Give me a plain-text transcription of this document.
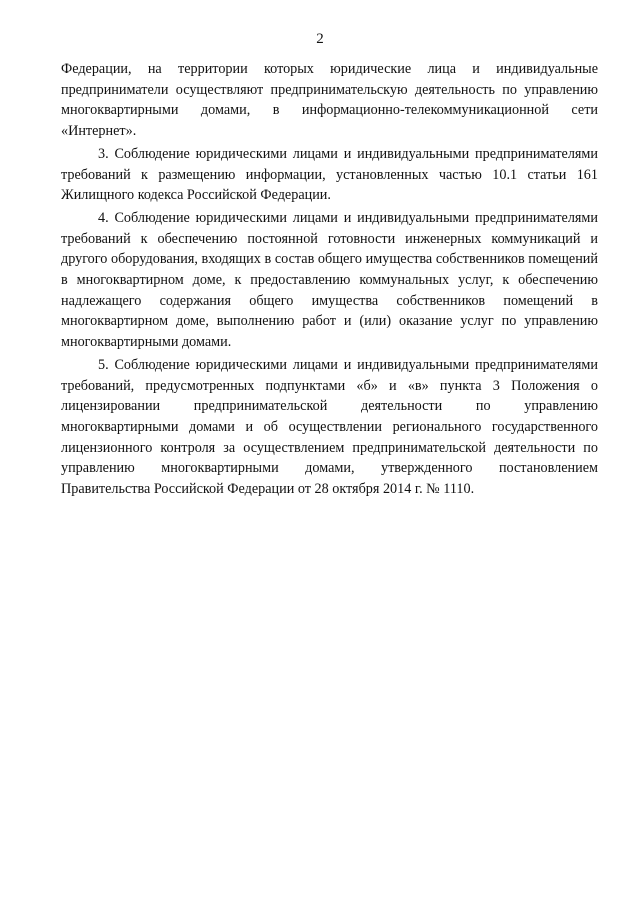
2

Федерации, на территории которых юридические лица и индивидуальные предприниматели осуществляют предпринимательскую деятельность по управлению многоквартирными домами, в информационно-телекоммуникационной сети «Интернет».

3. Соблюдение юридическими лицами и индивидуальными предпринимателями требований к размещению информации, установленных частью 10.1 статьи 161 Жилищного кодекса Российской Федерации.

4. Соблюдение юридическими лицами и индивидуальными предпринимателями требований к обеспечению постоянной готовности инженерных коммуникаций и другого оборудования, входящих в состав общего имущества собственников помещений в многоквартирном доме, к предоставлению коммунальных услуг, к обеспечению надлежащего содержания общего имущества собственников помещений в многоквартирном доме, выполнению работ и (или) оказание услуг по управлению многоквартирными домами.

5. Соблюдение юридическими лицами и индивидуальными предпринимателями требований, предусмотренных подпунктами «б» и «в» пункта 3 Положения о лицензировании предпринимательской деятельности по управлению многоквартирными домами и об осуществлении регионального государственного лицензионного контроля за осуществлением предпринимательской деятельности по управлению многоквартирными домами, утвержденного постановлением Правительства Российской Федерации от 28 октября 2014 г. № 1110.
